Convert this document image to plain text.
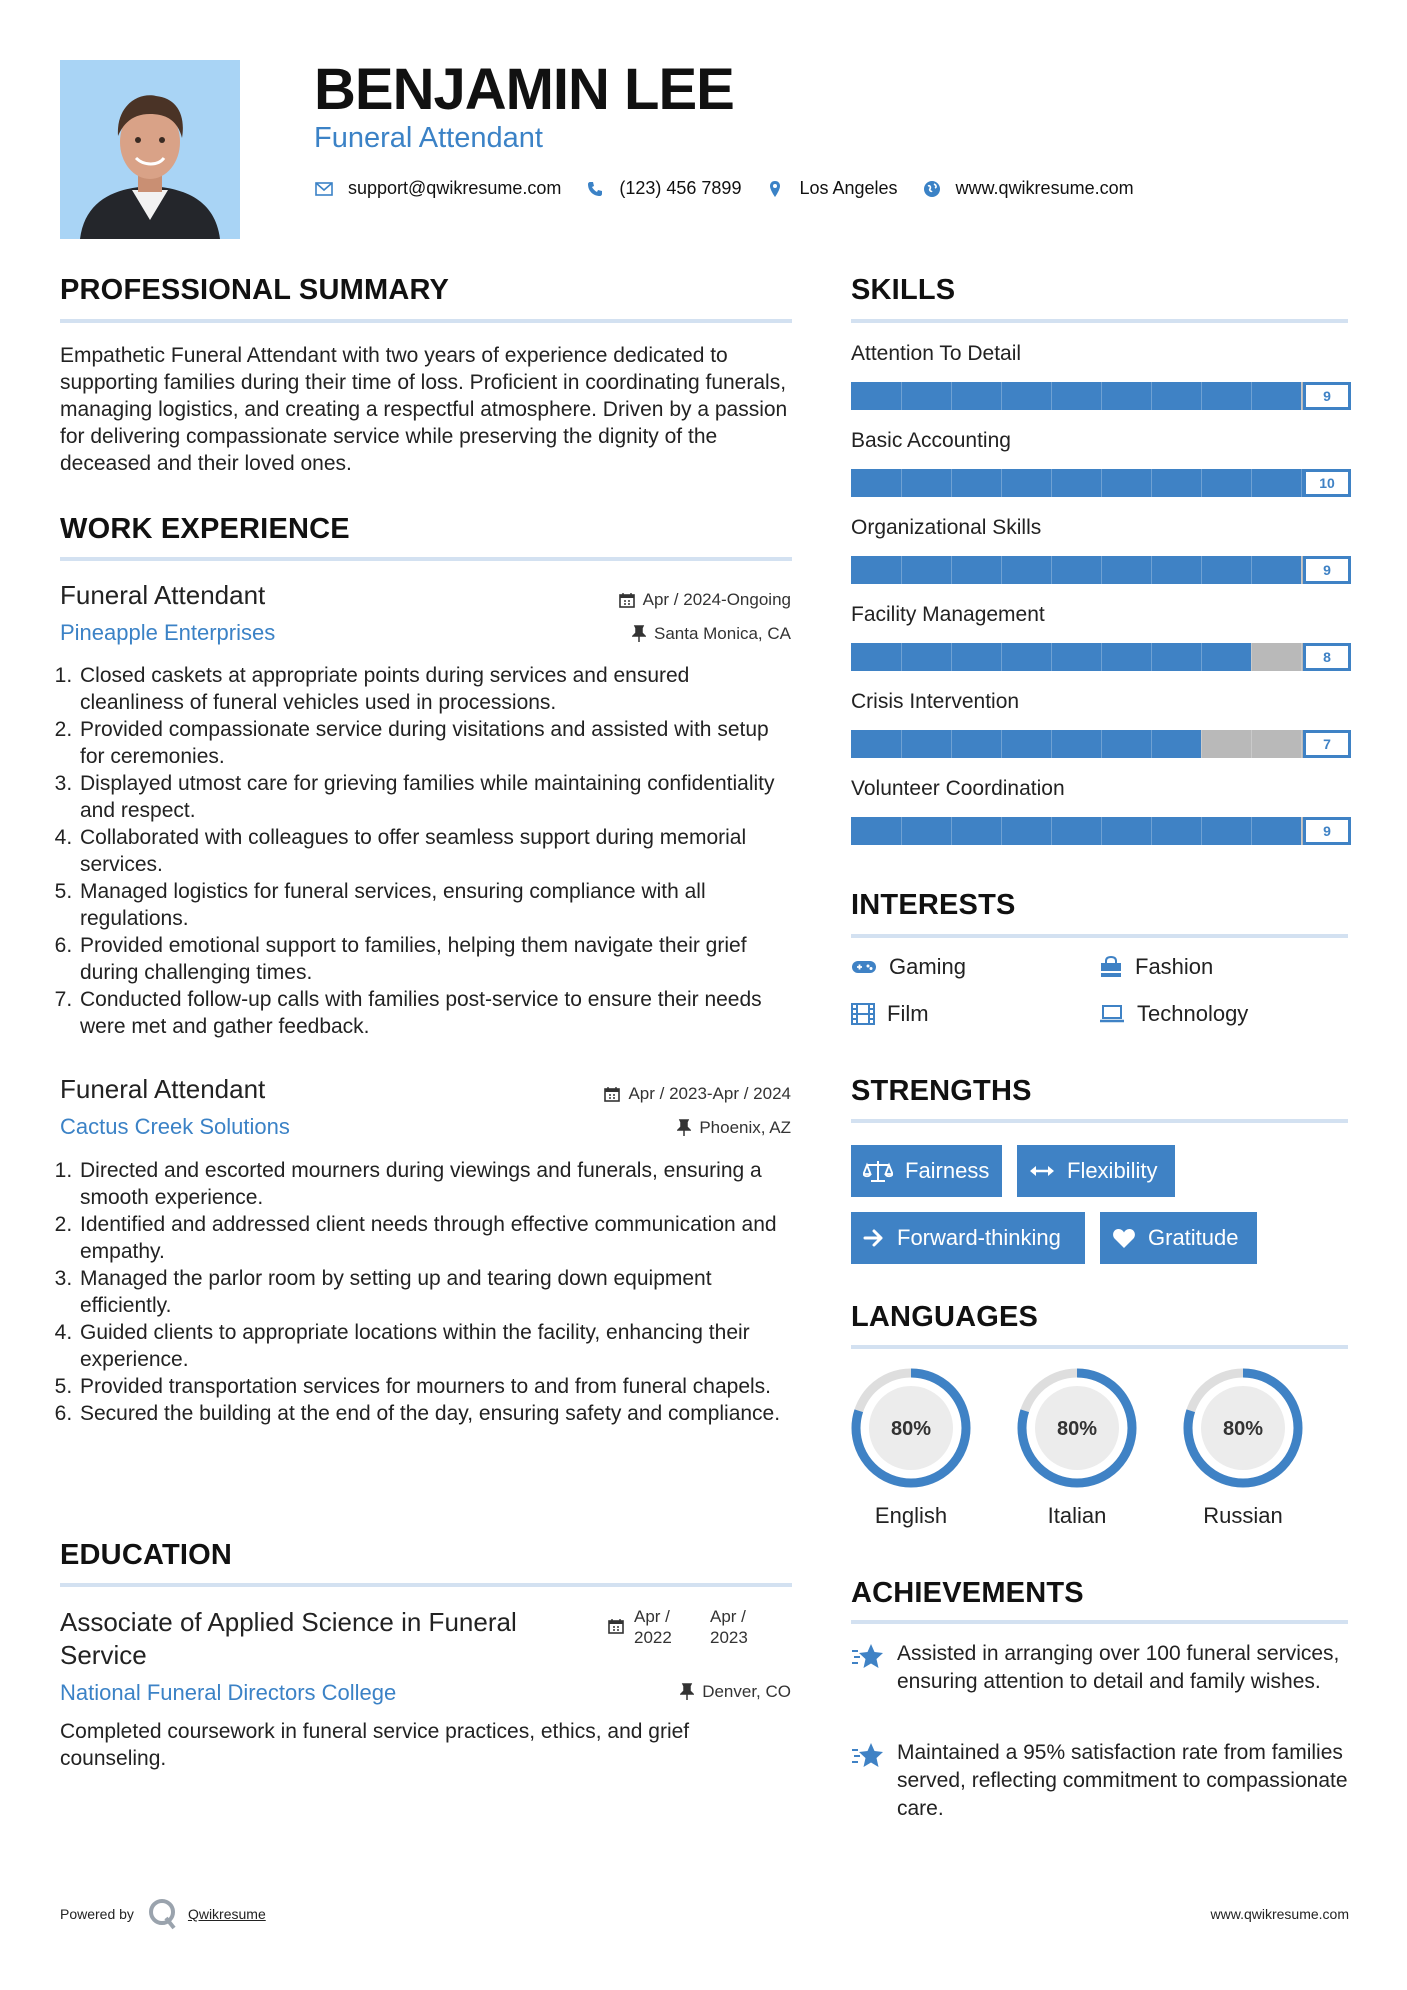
BENJAMIN LEE
Funeral Attendant
support@qwikresume.com	(123) 456 7899	Los Angeles	www.qwikresume.com
PROFESSIONAL SUMMARY
Empathetic Funeral Attendant with two years of experience dedicated to supporting families during their time of loss. Proficient in coordinating funerals, managing logistics, and creating a respectful atmosphere. Driven by a passion for delivering compassionate service while preserving the dignity of the deceased and their loved ones.
WORK EXPERIENCE
Funeral Attendant	Apr / 2024-Ongoing
Pineapple Enterprises	Santa Monica, CA
1. Closed caskets at appropriate points during services and ensured cleanliness of funeral vehicles used in processions.
2. Provided compassionate service during visitations and assisted with setup for ceremonies.
3. Displayed utmost care for grieving families while maintaining confidentiality and respect.
4. Collaborated with colleagues to offer seamless support during memorial services.
5. Managed logistics for funeral services, ensuring compliance with all regulations.
6. Provided emotional support to families, helping them navigate their grief during challenging times.
7. Conducted follow-up calls with families post-service to ensure their needs were met and gather feedback.
Funeral Attendant	Apr / 2023-Apr / 2024
Cactus Creek Solutions	Phoenix, AZ
1. Directed and escorted mourners during viewings and funerals, ensuring a smooth experience.
2. Identified and addressed client needs through effective communication and empathy.
3. Managed the parlor room by setting up and tearing down equipment efficiently.
4. Guided clients to appropriate locations within the facility, enhancing their experience.
5. Provided transportation services for mourners to and from funeral chapels.
6. Secured the building at the end of the day, ensuring safety and compliance.
EDUCATION
Associate of Applied Science in Funeral Service
Apr /
2022
Apr /
2023
National Funeral Directors College	Denver, CO
Completed coursework in funeral service practices, ethics, and grief counseling.
SKILLS
Attention To Detail
9
Basic Accounting
10
Organizational Skills
9
Facility Management
8
Crisis Intervention
7
Volunteer Coordination
9
INTERESTS
Gaming	Fashion
Film	Technology
STRENGTHS
Fairness	Flexibility
Forward-thinking	Gratitude
LANGUAGES
80%
English
80%
Italian
80%
Russian
ACHIEVEMENTS
Assisted in arranging over 100 funeral services, ensuring attention to detail and family wishes.
Maintained a 95% satisfaction rate from families served, reflecting commitment to compassionate care.
Powered by	Qwikresume	www.qwikresume.com
